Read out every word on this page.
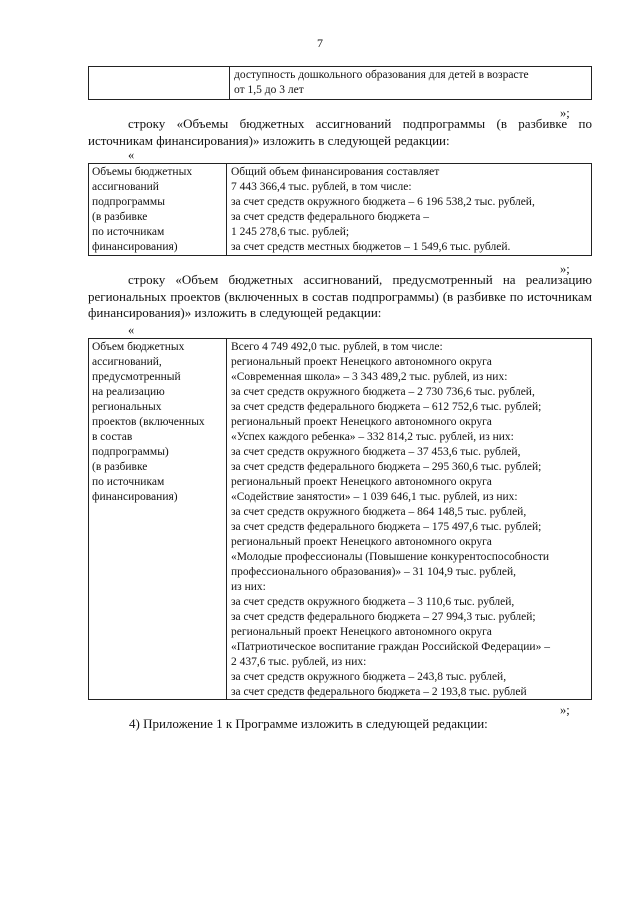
7
доступность дошкольного образования для детей в возрасте
от 1,5 до 3 лет
»;
строку «Объемы бюджетных ассигнований подпрограммы (в разбивке по источникам финансирования)» изложить в следующей редакции:
«
Объемы бюджетных
ассигнований
подпрограммы
(в разбивке
по источникам
финансирования)
Общий объем финансирования составляет
7 443 366,4 тыс. рублей, в том числе:
за счет средств окружного бюджета – 6 196 538,2 тыс. рублей,
за счет средств федерального бюджета –
1 245 278,6 тыс. рублей;
за счет средств местных бюджетов – 1 549,6 тыс. рублей.
»;
строку «Объем бюджетных ассигнований, предусмотренный на реализацию региональных проектов (включенных в состав подпрограммы) (в разбивке по источникам финансирования)» изложить в следующей редакции:
«
Объем бюджетных
ассигнований,
предусмотренный
на реализацию
региональных
проектов (включенных
в состав
подпрограммы)
(в разбивке
по источникам
финансирования)
Всего 4 749 492,0 тыс. рублей, в том числе:
региональный проект Ненецкого автономного округа
«Современная школа» – 3 343 489,2 тыс. рублей, из них:
за счет средств окружного бюджета – 2 730 736,6 тыс. рублей,
за счет средств федерального бюджета – 612 752,6 тыс. рублей;
региональный проект Ненецкого автономного округа
«Успех каждого ребенка» – 332 814,2 тыс. рублей, из них:
за счет средств окружного бюджета – 37 453,6 тыс. рублей,
за счет средств федерального бюджета – 295 360,6 тыс. рублей;
региональный проект Ненецкого автономного округа
«Содействие занятости» – 1 039 646,1 тыс. рублей, из них:
за счет средств окружного бюджета – 864 148,5 тыс. рублей,
за счет средств федерального бюджета – 175 497,6 тыс. рублей;
региональный проект Ненецкого автономного округа
«Молодые профессионалы (Повышение конкурентоспособности
профессионального образования)» – 31 104,9 тыс. рублей,
из них:
за счет средств окружного бюджета – 3 110,6 тыс. рублей,
за счет средств федерального бюджета – 27 994,3 тыс. рублей;
региональный проект Ненецкого автономного округа
«Патриотическое воспитание граждан Российской Федерации» –
2 437,6 тыс. рублей, из них:
за счет средств окружного бюджета – 243,8 тыс. рублей,
за счет средств федерального бюджета – 2 193,8 тыс. рублей
»;
4) Приложение 1 к Программе изложить в следующей редакции:
